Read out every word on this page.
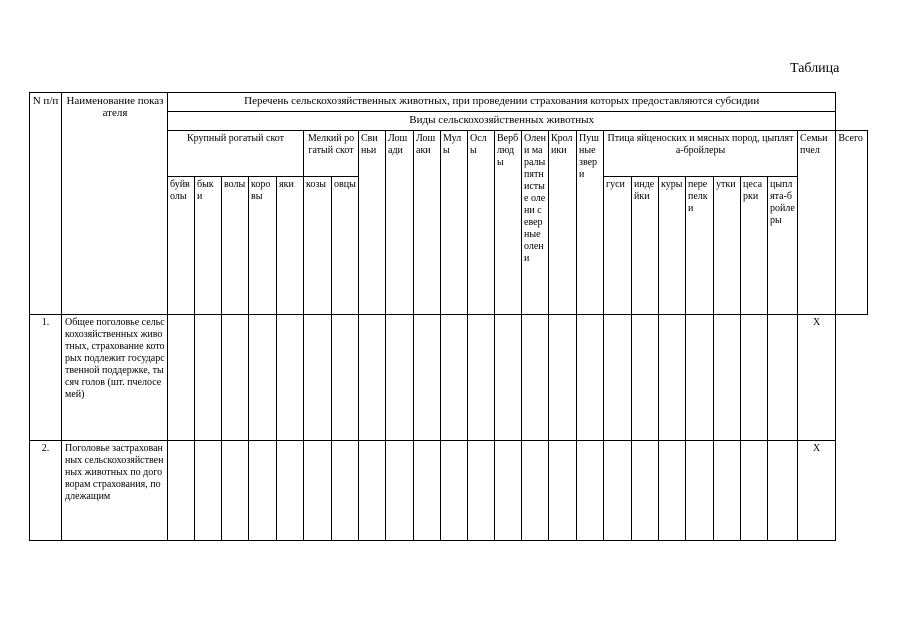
Таблица
N п/п	Наименование показателя	Перечень сельскохозяйственных животных, при проведении страхования которых предоставляются субсидии																								
		Виды сельскохозяйственных животных																								
		Крупный рогатый скот					Мелкий рогатый скот		Свиньи	Лошади	Лошаки	Мулы	Ослы	Верблюды	Олени маралы пятнистые олени северные олени	Кролики	Пушные звери	Птица яйценоских и мясных пород, цыплята-бройлеры							Семьи пчел	Всего
		буйволы	быки	волы	коровы	яки	козы	овцы										гуси	индейки	куры	перепелки	утки	цесарки	цыплята-бройлеры		
1.	Общее поголовье сельскохозяйственных животных, страхование которых подлежит государственной поддержке, тысяч голов (шт. пчелосемей)																								X	
2.	Поголовье застрахованных сельскохозяйственных животных по договорам страхования, подлежащим																								X	
